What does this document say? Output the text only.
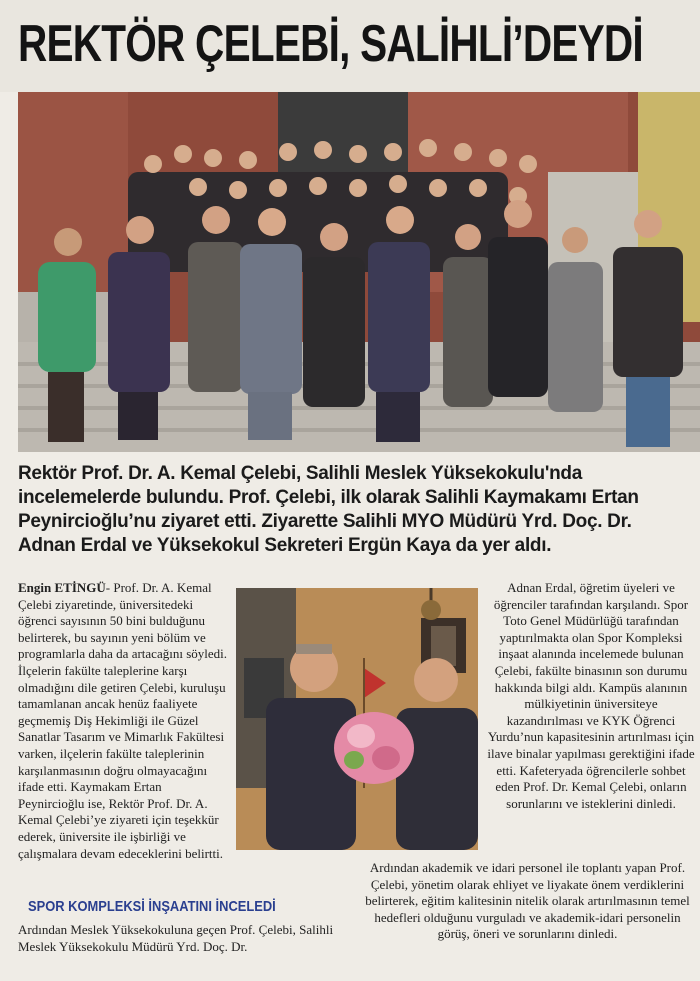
REKTÖR ÇELEBİ, SALİHLİ’DEYDİ
Rektör Prof. Dr. A. Kemal Çelebi, Salihli Meslek Yüksekokulu'nda incelemelerde bulundu. Prof. Çelebi, ilk olarak Salihli Kaymakamı Ertan Peynircioğlu’nu ziyaret etti. Ziyarette Salihli MYO Müdürü Yrd. Doç. Dr. Adnan Erdal ve Yüksekokul Sekreteri Ergün Kaya da yer aldı.

Engin ETİNGÜ- Prof. Dr. A. Kemal Çelebi ziyaretinde, üniversitedeki öğrenci sayısının 50 bini bulduğunu belirterek, bu sayının yeni bölüm ve programlarla daha da artacağını söyledi. İlçelerin fakülte taleplerine karşı olmadığını dile getiren Çelebi, kuruluşu tamamlanan ancak henüz faaliyete geçmemiş Diş Hekimliği ile Güzel Sanatlar Tasarım ve Mimarlık Fakültesi varken, ilçelerin fakülte taleplerinin karşılanmasının doğru olmayacağını ifade etti. Kaymakam Ertan Peynircioğlu ise, Rektör Prof. Dr. A. Kemal Çelebi’ye ziyareti için teşekkür ederek, üniversite ile işbirliği ve çalışmalara devam edeceklerini belirtti.

Adnan Erdal, öğretim üyeleri ve öğrenciler tarafından karşılandı. Spor Toto Genel Müdürlüğü tarafından yaptırılmakta olan Spor Kompleksi inşaat alanında incelemede bulunan Çelebi, fakülte binasının son durumu hakkında bilgi aldı. Kampüs alanının mülkiyetinin üniversiteye kazandırılması ve KYK Öğrenci Yurdu’nun kapasitesinin artırılması için ilave binalar yapılması gerektiğini ifade etti. Kafeteryada öğrencilerle sohbet eden Prof. Dr. Kemal Çelebi, onların sorunlarını ve isteklerini dinledi.

SPOR KOMPLEKSİ İNŞAATINI İNCELEDİ

Ardından Meslek Yüksekokuluna geçen Prof. Çelebi, Salihli Meslek Yüksekokulu Müdürü Yrd. Doç. Dr.

Ardından akademik ve idari personel ile toplantı yapan Prof. Çelebi, yönetim olarak ehliyet ve liyakate önem verdiklerini belirterek, eğitim kalitesinin nitelik olarak artırılmasının temel hedefleri olduğunu vurguladı ve akademik-idari personelin görüş, öneri ve sorunlarını dinledi.
